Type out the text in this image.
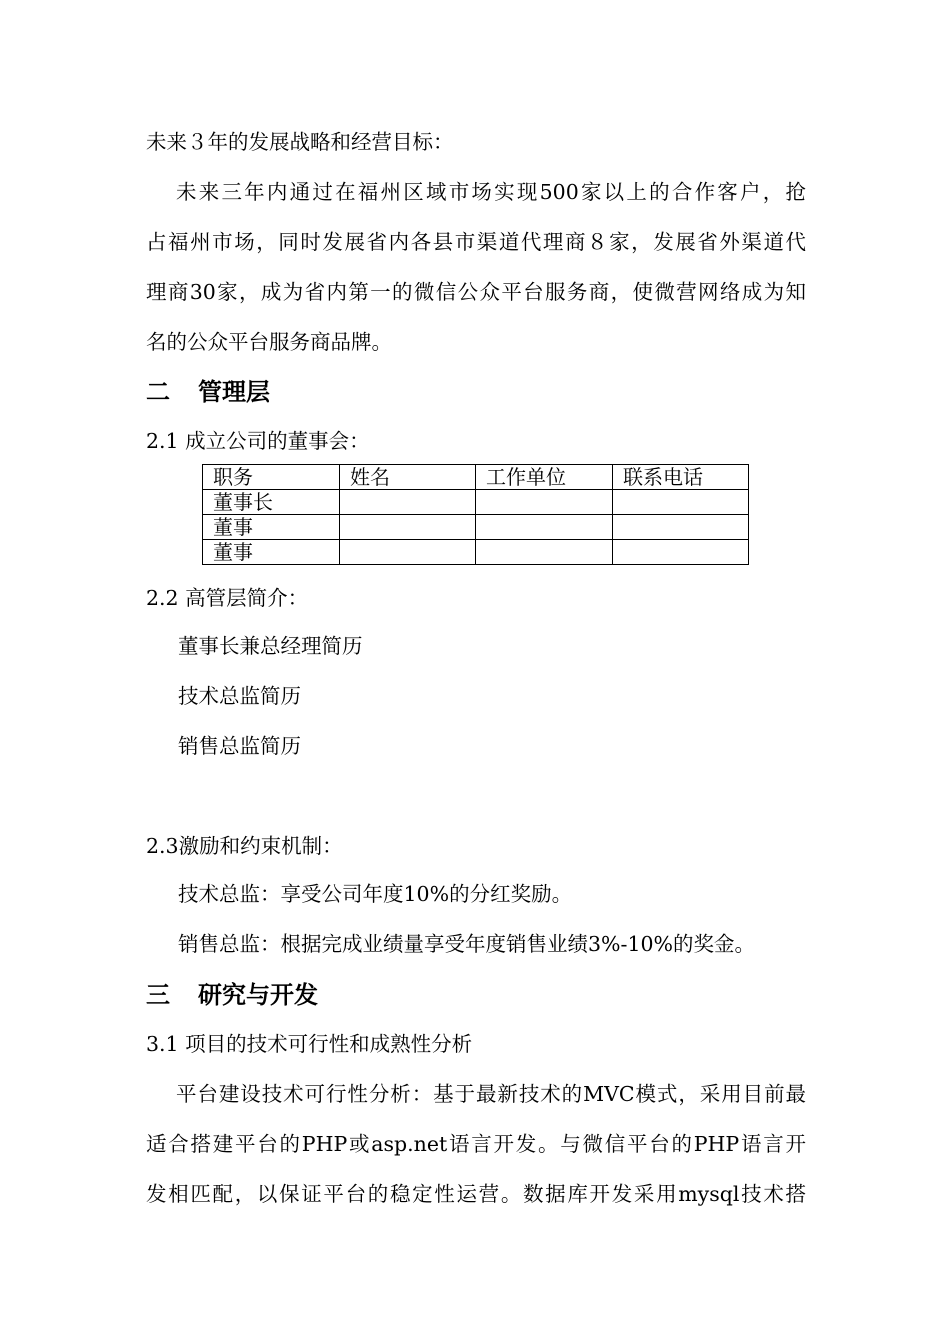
未来３年的发展战略和经营目标：
未来三年内通过在福州区域市场实现500家以上的合作客户，抢
占福州市场，同时发展省内各县市渠道代理商８家，发展省外渠道代
理商30家，成为省内第一的微信公众平台服务商，使微营网络成为知
名的公众平台服务商品牌。
二 管理层
2.1 成立公司的董事会：
职务	姓名	工作单位	联系电话
董事长			
董事			
董事			
2.2 高管层简介：
董事长兼总经理简历
技术总监简历
销售总监简历
2.3激励和约束机制：
技术总监：享受公司年度10%的分红奖励。
销售总监：根据完成业绩量享受年度销售业绩3%-10%的奖金。
三 研究与开发
3.1 项目的技术可行性和成熟性分析
平台建设技术可行性分析：基于最新技术的MVC模式，采用目前最
适合搭建平台的PHP或asp.net语言开发。与微信平台的PHP语言开
发相匹配，以保证平台的稳定性运营。数据库开发采用mysql技术搭
